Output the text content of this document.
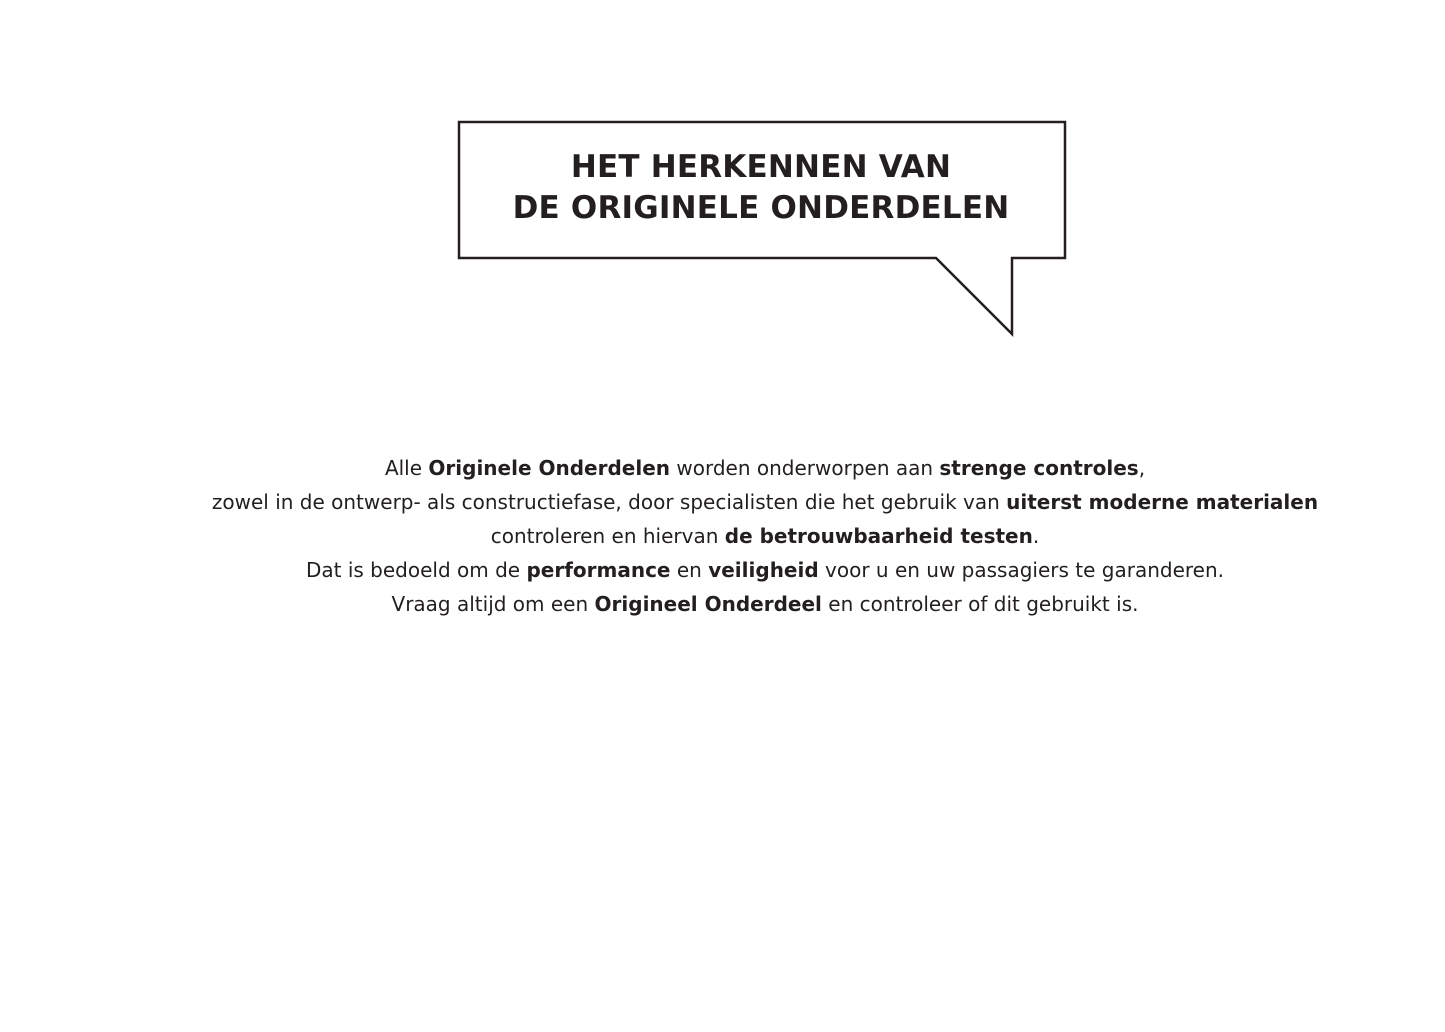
HET HERKENNEN VAN
DE ORIGINELE ONDERDELEN

Alle Originele Onderdelen worden onderworpen aan strenge controles,
zowel in de ontwerp- als constructiefase, door specialisten die het gebruik van uiterst moderne materialen
controleren en hiervan de betrouwbaarheid testen.
Dat is bedoeld om de performance en veiligheid voor u en uw passagiers te garanderen.
Vraag altijd om een Origineel Onderdeel en controleer of dit gebruikt is.
